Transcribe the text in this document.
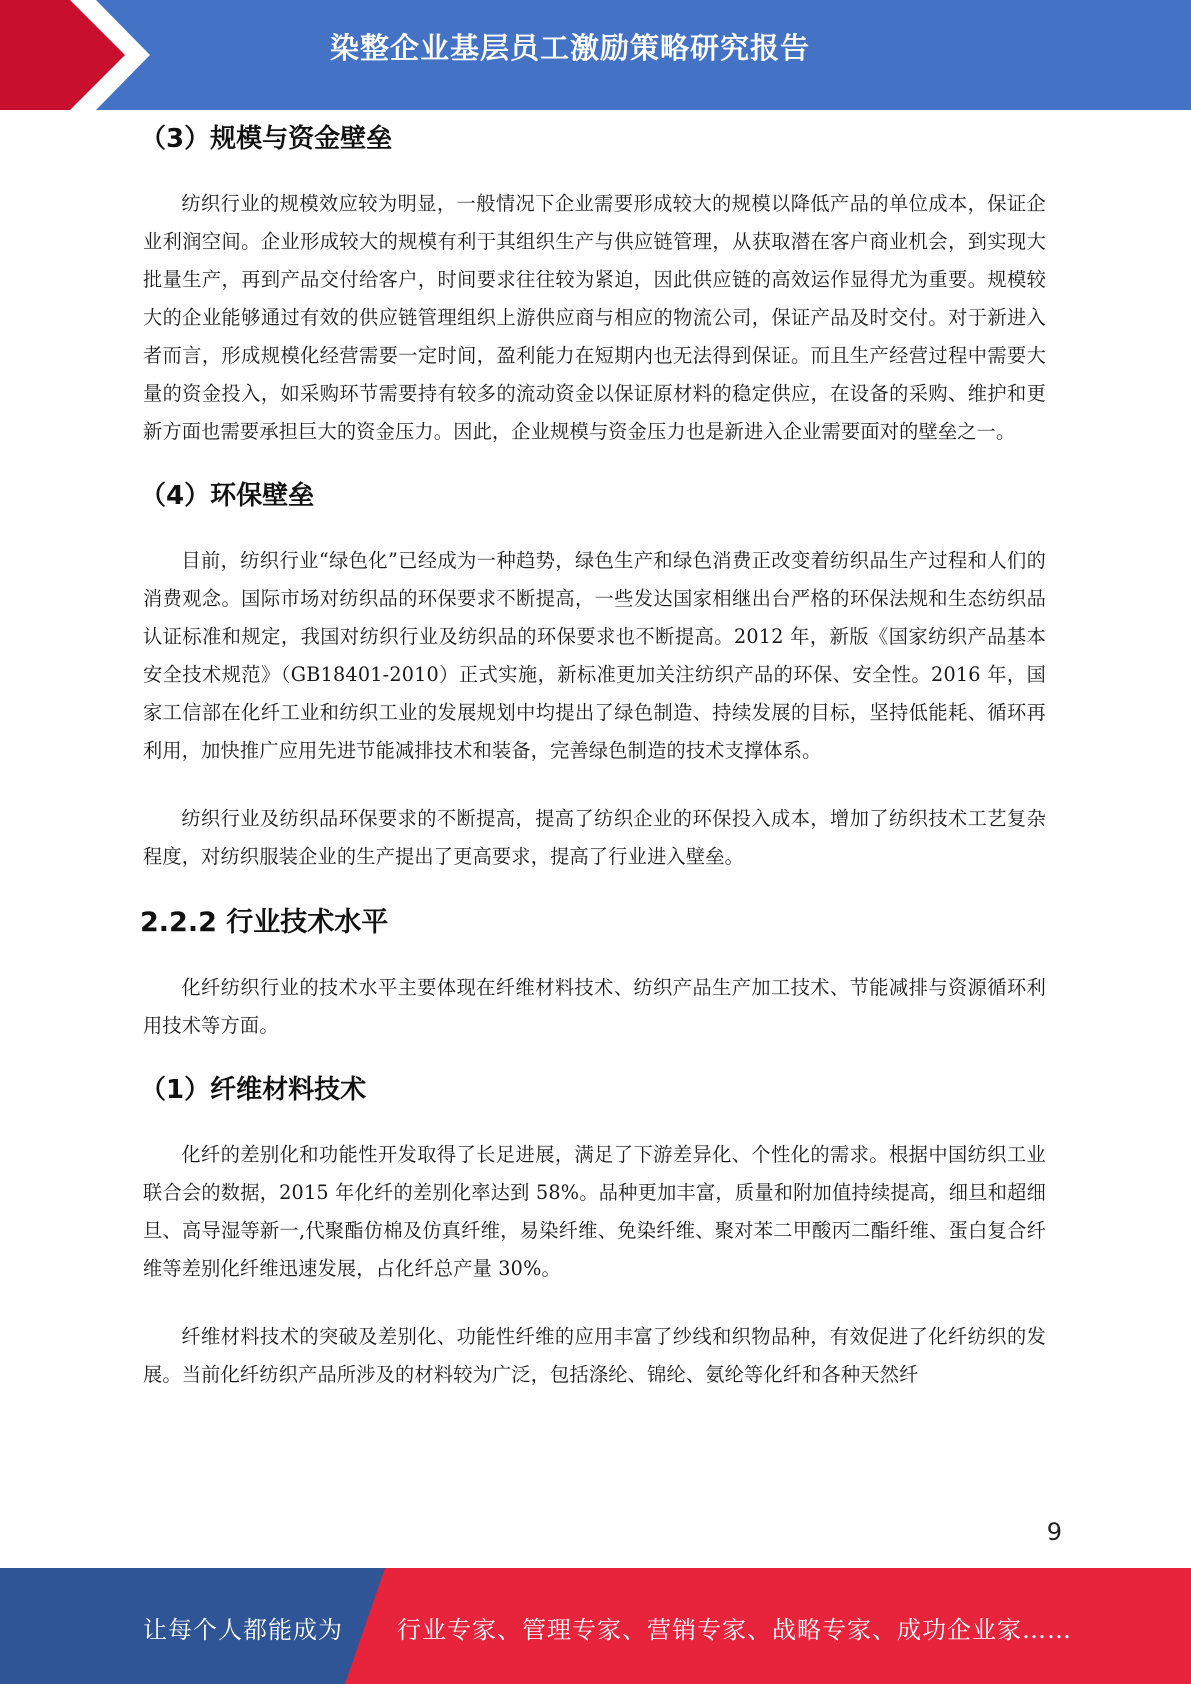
染整企业基层员工激励策略研究报告
（3）规模与资金壁垒

纺织行业的规模效应较为明显，一般情况下企业需要形成较大的规模以降低产品的单位成本，保证企业利润空间。企业形成较大的规模有利于其组织生产与供应链管理，从获取潜在客户商业机会，到实现大批量生产，再到产品交付给客户，时间要求往往较为紧迫，因此供应链的高效运作显得尤为重要。规模较大的企业能够通过有效的供应链管理组织上游供应商与相应的物流公司，保证产品及时交付。对于新进入者而言，形成规模化经营需要一定时间，盈利能力在短期内也无法得到保证。而且生产经营过程中需要大量的资金投入，如采购环节需要持有较多的流动资金以保证原材料的稳定供应，在设备的采购、维护和更新方面也需要承担巨大的资金压力。因此，企业规模与资金压力也是新进入企业需要面对的壁垒之一。

（4）环保壁垒

目前，纺织行业“绿色化”已经成为一种趋势，绿色生产和绿色消费正改变着纺织品生产过程和人们的消费观念。国际市场对纺织品的环保要求不断提高，一些发达国家相继出台严格的环保法规和生态纺织品认证标准和规定，我国对纺织行业及纺织品的环保要求也不断提高。2012 年，新版《国家纺织产品基本安全技术规范》（GB18401-2010）正式实施，新标准更加关注纺织产品的环保、安全性。2016 年，国家工信部在化纤工业和纺织工业的发展规划中均提出了绿色制造、持续发展的目标，坚持低能耗、循环再利用，加快推广应用先进节能减排技术和装备，完善绿色制造的技术支撑体系。

纺织行业及纺织品环保要求的不断提高，提高了纺织企业的环保投入成本，增加了纺织技术工艺复杂程度，对纺织服装企业的生产提出了更高要求，提高了行业进入壁垒。

2.2.2 行业技术水平

化纤纺织行业的技术水平主要体现在纤维材料技术、纺织产品生产加工技术、节能减排与资源循环利用技术等方面。

（1）纤维材料技术

化纤的差别化和功能性开发取得了长足进展，满足了下游差异化、个性化的需求。根据中国纺织工业联合会的数据，2015 年化纤的差别化率达到 58%。品种更加丰富，质量和附加值持续提高，细旦和超细旦、高导湿等新一,代聚酯仿棉及仿真纤维，易染纤维、免染纤维、聚对苯二甲酸丙二酯纤维、蛋白复合纤维等差别化纤维迅速发展，占化纤总产量 30%。

纤维材料技术的突破及差别化、功能性纤维的应用丰富了纱线和织物品种，有效促进了化纤纺织的发展。当前化纤纺织产品所涉及的材料较为广泛，包括涤纶、锦纶、氨纶等化纤和各种天然纤

9
让每个人都能成为 行业专家、管理专家、营销专家、战略专家、成功企业家……
